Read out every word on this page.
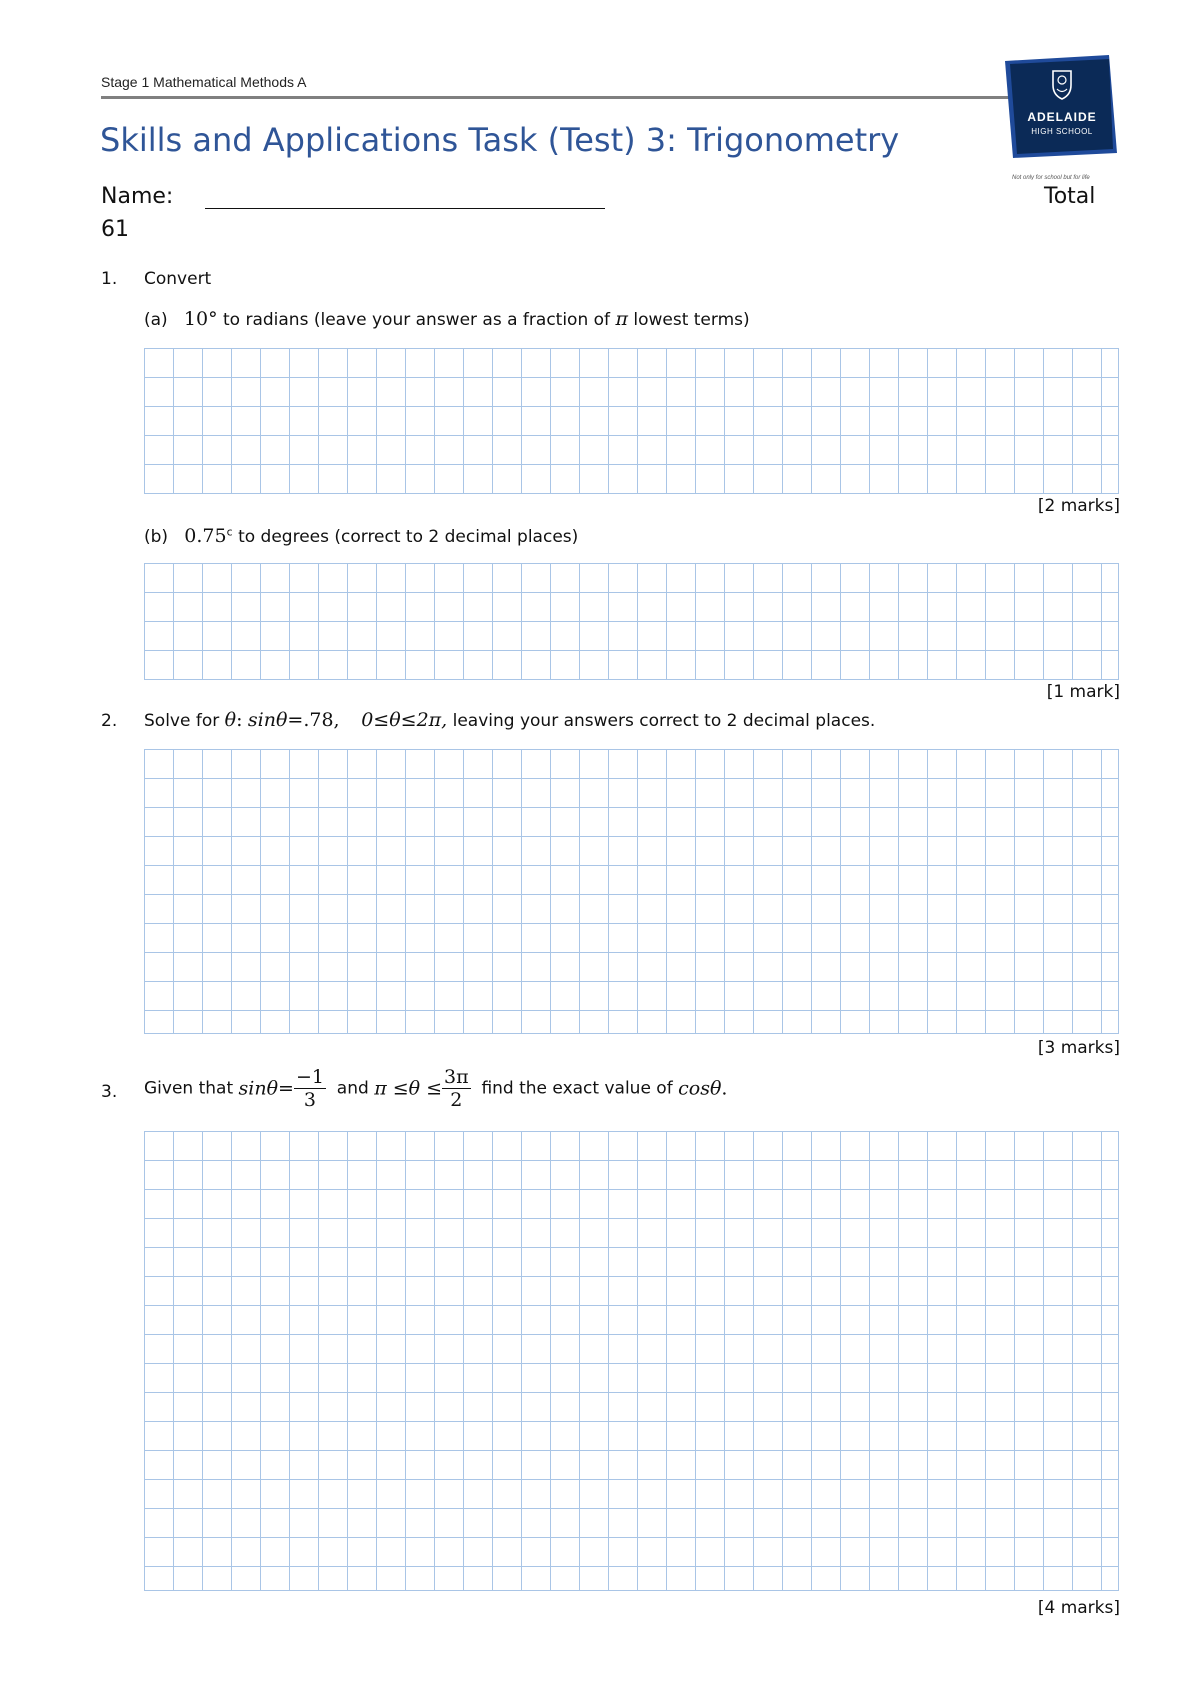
Stage 1 Mathematical Methods A
Skills and Applications Task (Test) 3: Trigonometry
ADELAIDE
HIGH SCHOOL
Not only for school but for life
Name:	Total
61
1. Convert
(a) 10° to radians (leave your answer as a fraction of π lowest terms)
[2 marks]
(b) 0.75$^c$ to degrees (correct to 2 decimal places)
[1 mark]
2. Solve for θ: sinθ=.78, 0≤θ≤2π, leaving your answers correct to 2 decimal places.
[3 marks]
3. Given that $\sin\theta= \frac{-1}{3}$ and $\pi \le\theta \le \frac{3\pi}{2}$ find the exact value of cosθ.
[4 marks]
